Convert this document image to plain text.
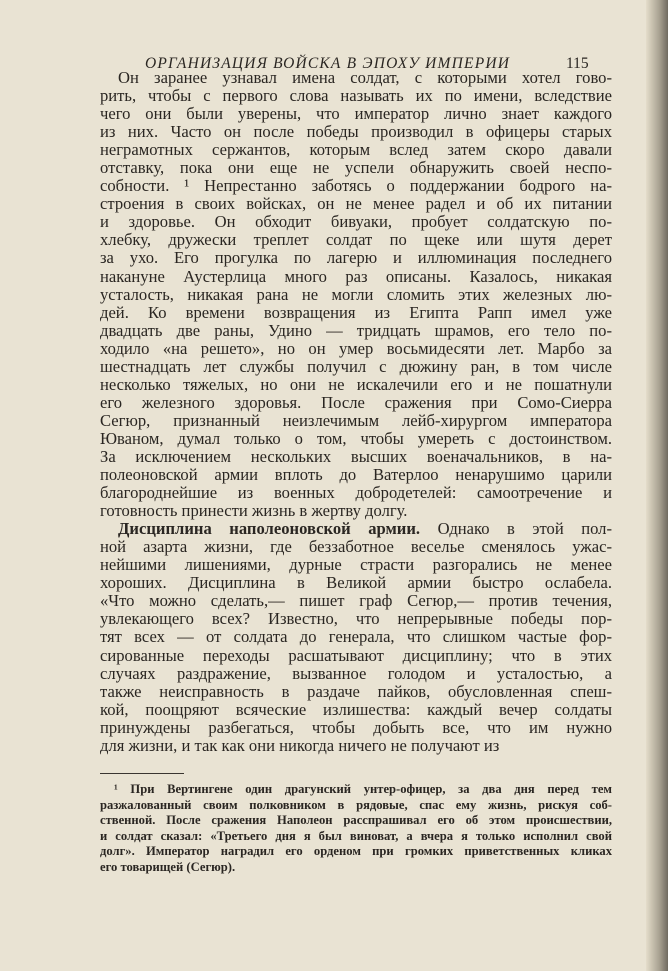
ОРГАНИЗАЦИЯ ВОЙСКА В ЭПОХУ ИМПЕРИИ	115
Он заранее узнавал имена солдат, с которыми хотел гово-
рить, чтобы с первого слова называть их по имени, вследствие
чего они были уверены, что император лично знает каждого
из них. Часто он после победы производил в офицеры старых
неграмотных сержантов, которым вслед затем скоро давали
отставку, пока они еще не успели обнаружить своей неспо-
собности. ¹ Непрестанно заботясь о поддержании бодрого на-
строения в своих войсках, он не менее радел и об их питании
и здоровье. Он обходит бивуаки, пробует солдатскую по-
хлебку, дружески треплет солдат по щеке или шутя дерет
за ухо. Его прогулка по лагерю и иллюминация последнего
накануне Аустерлица много раз описаны. Казалось, никакая
усталость, никакая рана не могли сломить этих железных лю-
дей. Ко времени возвращения из Египта Рапп имел уже
двадцать две раны, Удино — тридцать шрамов, его тело по-
ходило «на решето», но он умер восьмидесяти лет. Марбо за
шестнадцать лет службы получил с дюжину ран, в том числе
несколько тяжелых, но они не искалечили его и не пошатнули
его железного здоровья. После сражения при Сомо-Сиерра
Сегюр, признанный неизлечимым лейб-хирургом императора
Юваном, думал только о том, чтобы умереть с достоинством.
За исключением нескольких высших военачальников, в на-
полеоновской армии вплоть до Ватерлоо ненарушимо царили
благороднейшие из военных добродетелей: самоотречение и
готовность принести жизнь в жертву долгу.
Дисциплина наполеоновской армии. Однако в этой пол-
ной азарта жизни, где беззаботное веселье сменялось ужас-
нейшими лишениями, дурные страсти разгорались не менее
хороших. Дисциплина в Великой армии быстро ослабела.
«Что можно сделать,— пишет граф Сегюр,— против течения,
увлекающего всех? Известно, что непрерывные победы пор-
тят всех — от солдата до генерала, что слишком частые фор-
сированные переходы расшатывают дисциплину; что в этих
случаях раздражение, вызванное голодом и усталостью, а
также неисправность в раздаче пайков, обусловленная спеш-
кой, поощряют всяческие излишества: каждый вечер солдаты
принуждены разбегаться, чтобы добыть все, что им нужно
для жизни, и так как они никогда ничего не получают из
¹ При Вертингене один драгунский унтер-офицер, за два дня перед тем
разжалованный своим полковником в рядовые, спас ему жизнь, рискуя соб-
ственной. После сражения Наполеон расспрашивал его об этом происшествии,
и солдат сказал: «Третьего дня я был виноват, а вчера я только исполнил свой
долг». Император наградил его орденом при громких приветственных кликах
его товарищей (Сегюр).
